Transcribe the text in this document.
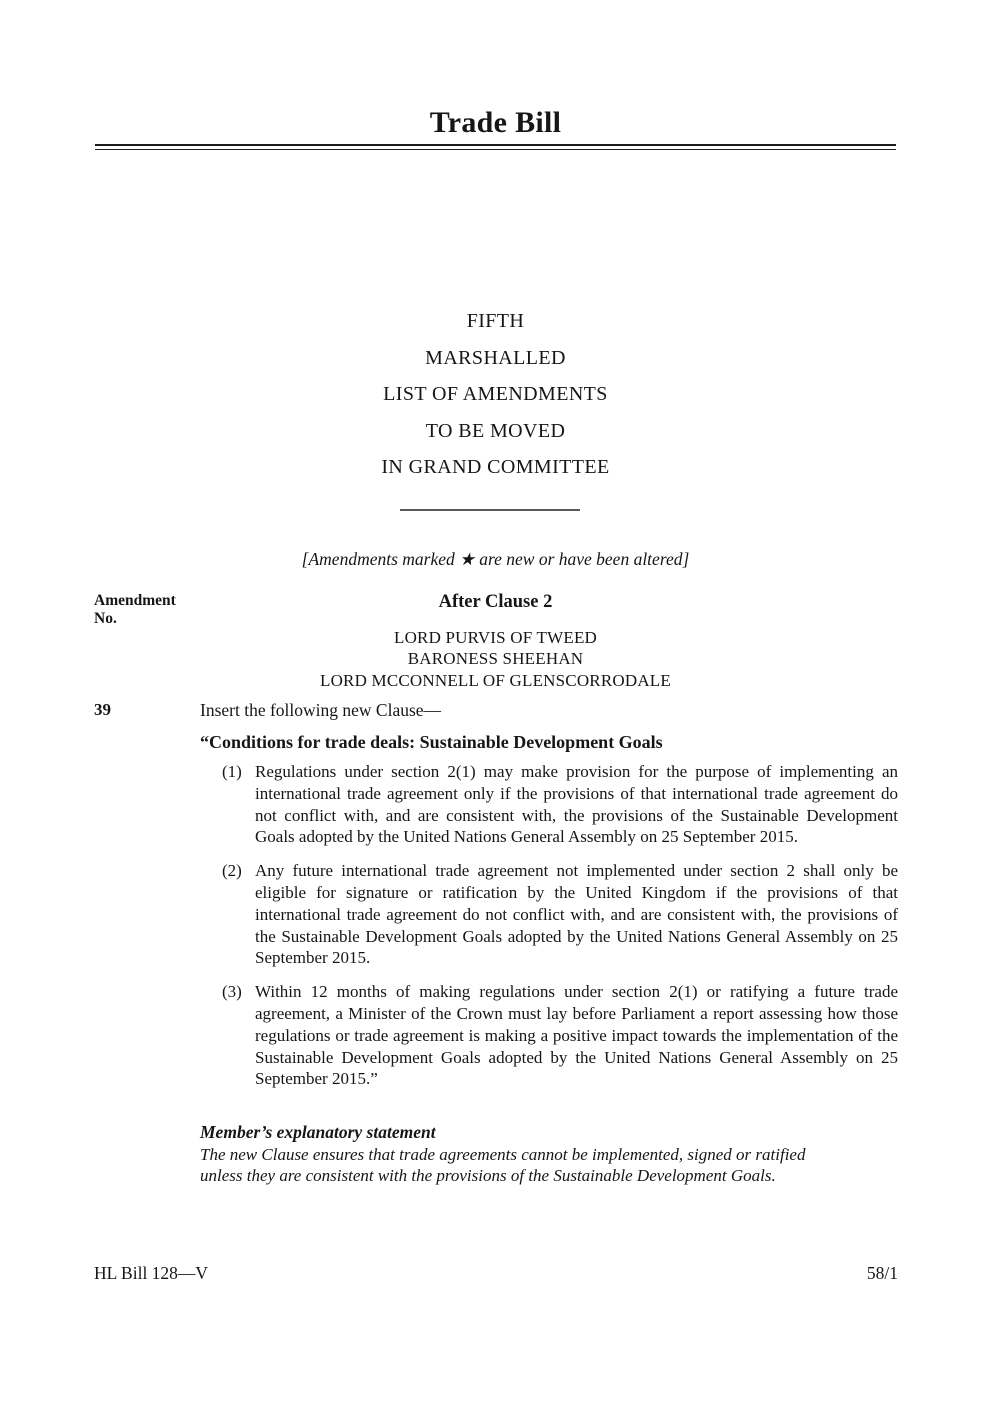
Trade Bill
FIFTH
MARSHALLED
LIST OF AMENDMENTS
TO BE MOVED
IN GRAND COMMITTEE
[Amendments marked ★ are new or have been altered]
Amendment
No.
After Clause 2
LORD PURVIS OF TWEED
BARONESS SHEEHAN
LORD MCCONNELL OF GLENSCORRODALE
39	Insert the following new Clause—
“Conditions for trade deals: Sustainable Development Goals
(1) Regulations under section 2(1) may make provision for the purpose of implementing an international trade agreement only if the provisions of that international trade agreement do not conflict with, and are consistent with, the provisions of the Sustainable Development Goals adopted by the United Nations General Assembly on 25 September 2015.
(2) Any future international trade agreement not implemented under section 2 shall only be eligible for signature or ratification by the United Kingdom if the provisions of that international trade agreement do not conflict with, and are consistent with, the provisions of the Sustainable Development Goals adopted by the United Nations General Assembly on 25 September 2015.
(3) Within 12 months of making regulations under section 2(1) or ratifying a future trade agreement, a Minister of the Crown must lay before Parliament a report assessing how those regulations or trade agreement is making a positive impact towards the implementation of the Sustainable Development Goals adopted by the United Nations General Assembly on 25 September 2015.”
Member’s explanatory statement
The new Clause ensures that trade agreements cannot be implemented, signed or ratified unless they are consistent with the provisions of the Sustainable Development Goals.
HL Bill 128—V	58/1
